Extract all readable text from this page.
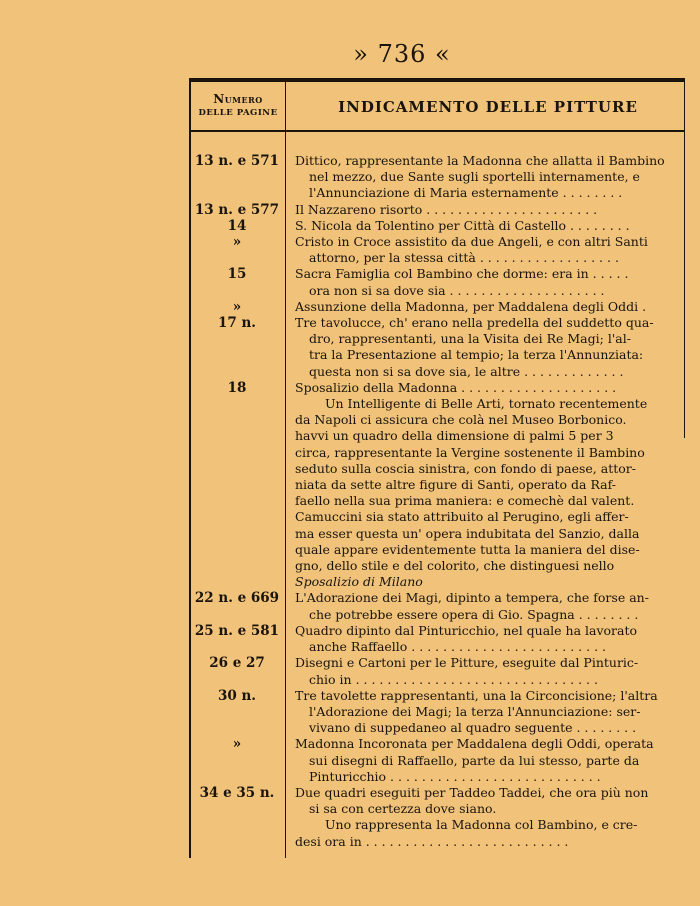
» 736 «
Numero
DELLE PAGINE	INDICAMENTO DELLE PITTURE
13 n. e 571	Dittico, rappresentante la Madonna che allatta il Bambino
nel mezzo, due Sante sugli sportelli internamente, e
l'Annunciazione di Maria esternamente . . . . . . . .
13 n. e 577	Il Nazzareno risorto . . . . . . . . . . . . . . . . . . . . . .
14	S. Nicola da Tolentino per Città di Castello . . . . . . . .
»	Cristo in Croce assistito da due Angeli, e con altri Santi
attorno, per la stessa città . . . . . . . . . . . . . . . . . .
15	Sacra Famiglia col Bambino che dorme: era in . . . . .
ora non si sa dove sia . . . . . . . . . . . . . . . . . . . .
»	Assunzione della Madonna, per Maddalena degli Oddi .
17 n.	Tre tavolucce, ch' erano nella predella del suddetto qua-
dro, rappresentanti, una la Visita dei Re Magi; l'al-
tra la Presentazione al tempio; la terza l'Annunziata:
questa non si sa dove sia, le altre . . . . . . . . . . . . .
18	Sposalizio della Madonna . . . . . . . . . . . . . . . . . . . .
Un Intelligente di Belle Arti, tornato recentemente
da Napoli ci assicura che colà nel Museo Borbonico.
havvi un quadro della dimensione di palmi 5 per 3
circa, rappresentante la Vergine sostenente il Bambino
seduto sulla coscia sinistra, con fondo di paese, attor-
niata da sette altre figure di Santi, operato da Raf-
faello nella sua prima maniera: e comechè dal valent.
Camuccini sia stato attribuito al Perugino, egli affer-
ma esser questa un' opera indubitata del Sanzio, dalla
quale appare evidentemente tutta la maniera del dise-
gno, dello stile e del colorito, che distinguesi nello
Sposalizio di Milano
22 n. e 669	L'Adorazione dei Magi, dipinto a tempera, che forse an-
che potrebbe essere opera di Gio. Spagna . . . . . . . .
25 n. e 581	Quadro dipinto dal Pinturicchio, nel quale ha lavorato
anche Raffaello . . . . . . . . . . . . . . . . . . . . . . . . .
26 e 27	Disegni e Cartoni per le Pitture, eseguite dal Pinturic-
chio in . . . . . . . . . . . . . . . . . . . . . . . . . . . . . . .
30 n.	Tre tavolette rappresentanti, una la Circoncisione; l'altra
l'Adorazione dei Magi; la terza l'Annunciazione: ser-
vivano di suppedaneo al quadro seguente . . . . . . . .
»	Madonna Incoronata per Maddalena degli Oddi, operata
sui disegni di Raffaello, parte da lui stesso, parte da
Pinturicchio . . . . . . . . . . . . . . . . . . . . . . . . . . .
34 e 35 n.	Due quadri eseguiti per Taddeo Taddei, che ora più non
si sa con certezza dove siano.
Uno rappresenta la Madonna col Bambino, e cre-
desi ora in . . . . . . . . . . . . . . . . . . . . . . . . . .
